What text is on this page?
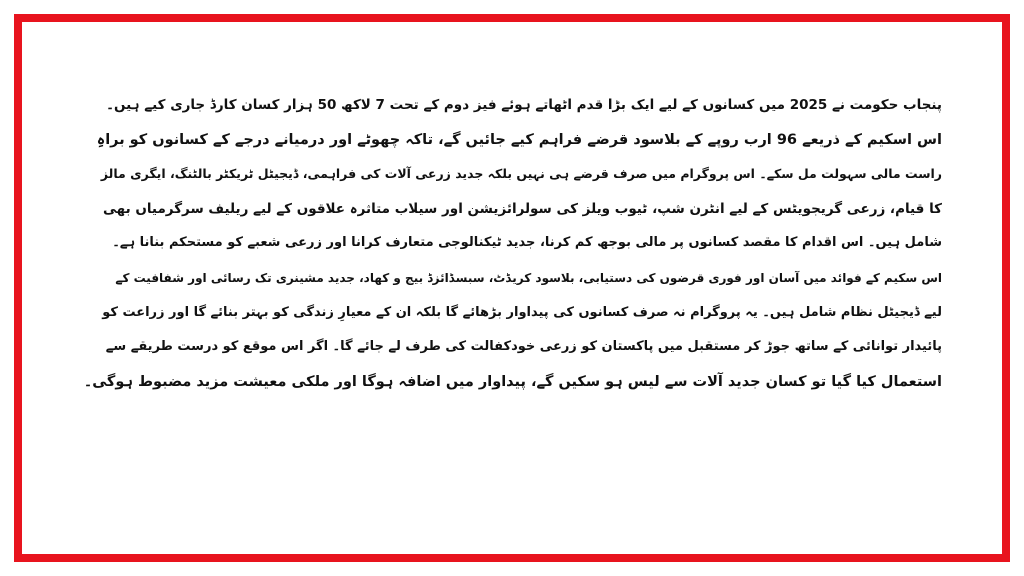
پنجاب حکومت نے 2025 میں کسانوں کے لیے ایک بڑا قدم اٹھاتے ہوئے فیز دوم کے تحت 7 لاکھ 50 ہزار کسان کارڈ جاری کیے ہیں۔
اس اسکیم کے ذریعے 96 ارب روپے کے بلاسود قرضے فراہم کیے جائیں گے، تاکہ چھوٹے اور درمیانے درجے کے کسانوں کو براہِ
راست مالی سہولت مل سکے۔ اس پروگرام میں صرف قرضے ہی نہیں بلکہ جدید زرعی آلات کی فراہمی، ڈیجیٹل ٹریکٹر بالٹنگ، ایگری مالز
کا قیام، زرعی گریجویٹس کے لیے انٹرن شپ، ٹیوب ویلز کی سولرائزیشن اور سیلاب متاثرہ علاقوں کے لیے ریلیف سرگرمیاں بھی
شامل ہیں۔ اس اقدام کا مقصد کسانوں پر مالی بوجھ کم کرنا، جدید ٹیکنالوجی متعارف کرانا اور زرعی شعبے کو مستحکم بنانا ہے۔
اس سکیم کے فوائد میں آسان اور فوری قرضوں کی دستیابی، بلاسود کریڈٹ، سبسڈائزڈ بیج و کھاد، جدید مشینری تک رسائی اور شفافیت کے
لیے ڈیجیٹل نظام شامل ہیں۔ یہ پروگرام نہ صرف کسانوں کی پیداوار بڑھائے گا بلکہ ان کے معیارِ زندگی کو بہتر بنائے گا اور زراعت کو
پائیدار توانائی کے ساتھ جوڑ کر مستقبل میں پاکستان کو زرعی خودکفالت کی طرف لے جائے گا۔ اگر اس موقع کو درست طریقے سے
استعمال کیا گیا تو کسان جدید آلات سے لیس ہو سکیں گے، پیداوار میں اضافہ ہوگا اور ملکی معیشت مزید مضبوط ہوگی۔
